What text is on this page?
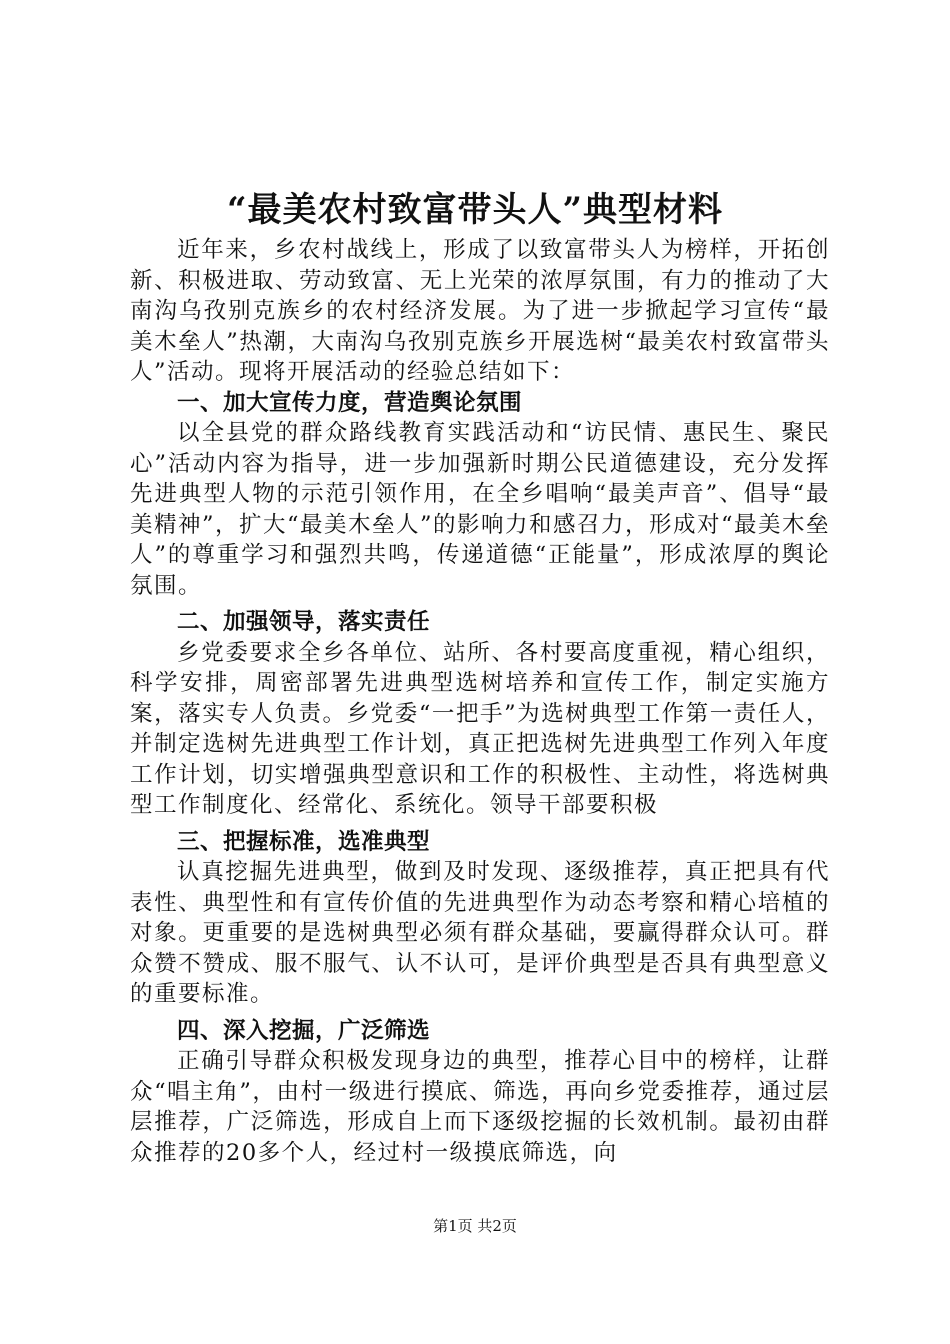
“最美农村致富带头人”典型材料

近年来，乡农村战线上，形成了以致富带头人为榜样，开拓创新、积极进取、劳动致富、无上光荣的浓厚氛围，有力的推动了大南沟乌孜别克族乡的农村经济发展。为了进一步掀起学习宣传“最美木垒人”热潮，大南沟乌孜别克族乡开展选树“最美农村致富带头人”活动。现将开展活动的经验总结如下：

一、加大宣传力度，营造舆论氛围

以全县党的群众路线教育实践活动和“访民情、惠民生、聚民心”活动内容为指导，进一步加强新时期公民道德建设，充分发挥先进典型人物的示范引领作用，在全乡唱响“最美声音”、倡导“最美精神”，扩大“最美木垒人”的影响力和感召力，形成对“最美木垒人”的尊重学习和强烈共鸣，传递道德“正能量”，形成浓厚的舆论氛围。

二、加强领导，落实责任

乡党委要求全乡各单位、站所、各村要高度重视，精心组织，科学安排，周密部署先进典型选树培养和宣传工作，制定实施方案，落实专人负责。乡党委“一把手”为选树典型工作第一责任人，并制定选树先进典型工作计划，真正把选树先进典型工作列入年度工作计划，切实增强典型意识和工作的积极性、主动性，将选树典型工作制度化、经常化、系统化。领导干部要积极

三、把握标准，选准典型

认真挖掘先进典型，做到及时发现、逐级推荐，真正把具有代表性、典型性和有宣传价值的先进典型作为动态考察和精心培植的对象。更重要的是选树典型必须有群众基础，要赢得群众认可。群众赞不赞成、服不服气、认不认可，是评价典型是否具有典型意义的重要标准。

四、深入挖掘，广泛筛选

正确引导群众积极发现身边的典型，推荐心目中的榜样，让群众“唱主角”，由村一级进行摸底、筛选，再向乡党委推荐，通过层层推荐，广泛筛选，形成自上而下逐级挖掘的长效机制。最初由群众推荐的20多个人，经过村一级摸底筛选，向

第1页 共2页
